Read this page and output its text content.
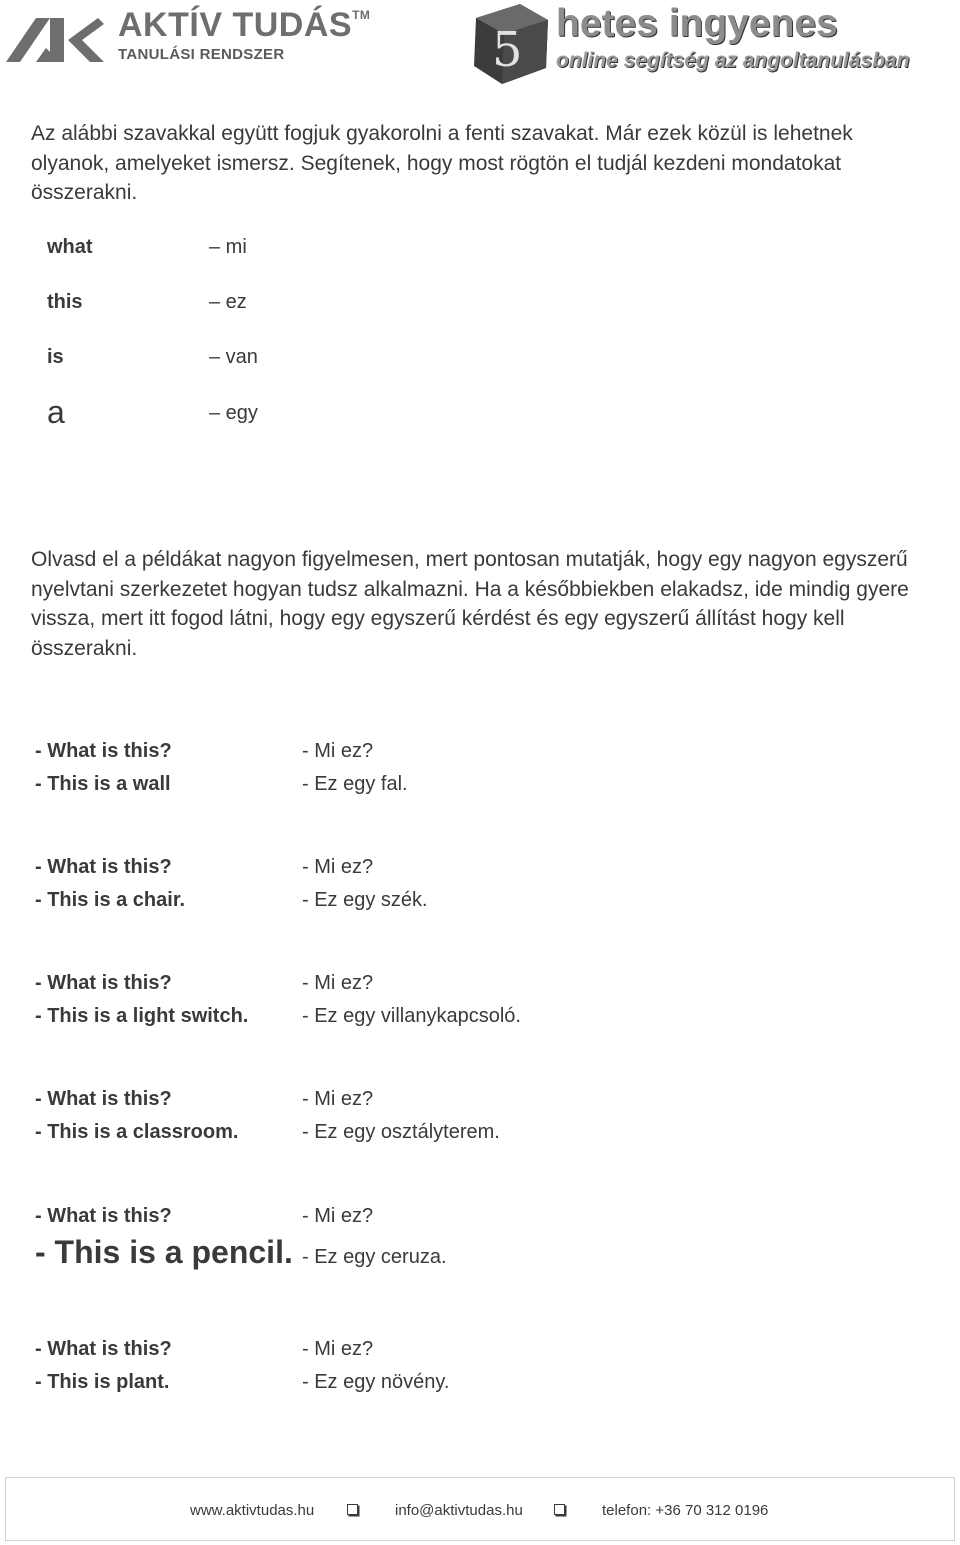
AKTÍV TUDÁS™
TANULÁSI RENDSZER	5 hetes ingyenes
online segítség az angoltanulásban

Az alábbi szavakkal együtt fogjuk gyakorolni a fenti szavakat. Már ezek közül is lehetnek olyanok, amelyeket ismersz. Segítenek, hogy most rögtön el tudjál kezdeni mondatokat összerakni.

what	– mi
this	– ez
is	– van
a	– egy

Olvasd el a példákat nagyon figyelmesen, mert pontosan mutatják, hogy egy nagyon egyszerű nyelvtani szerkezetet hogyan tudsz alkalmazni. Ha a későbbiekben elakadsz, ide mindig gyere vissza, mert itt fogod látni, hogy egy egyszerű kérdést és egy egyszerű állítást hogy kell összerakni.

- What is this?	- Mi ez?
- This is a wall	- Ez egy fal.
- What is this?	- Mi ez?
- This is a chair.	- Ez egy szék.
- What is this?	- Mi ez?
- This is a light switch.	- Ez egy villanykapcsoló.
- What is this?	- Mi ez?
- This is a classroom.	- Ez egy osztályterem.
- What is this?	- Mi ez?
- This is a pencil. - Ez egy ceruza.
- What is this?	- Mi ez?
- This is plant.	- Ez egy növény.
www.aktivtudas.hu	info@aktivtudas.hu	telefon: +36 70 312 0196
